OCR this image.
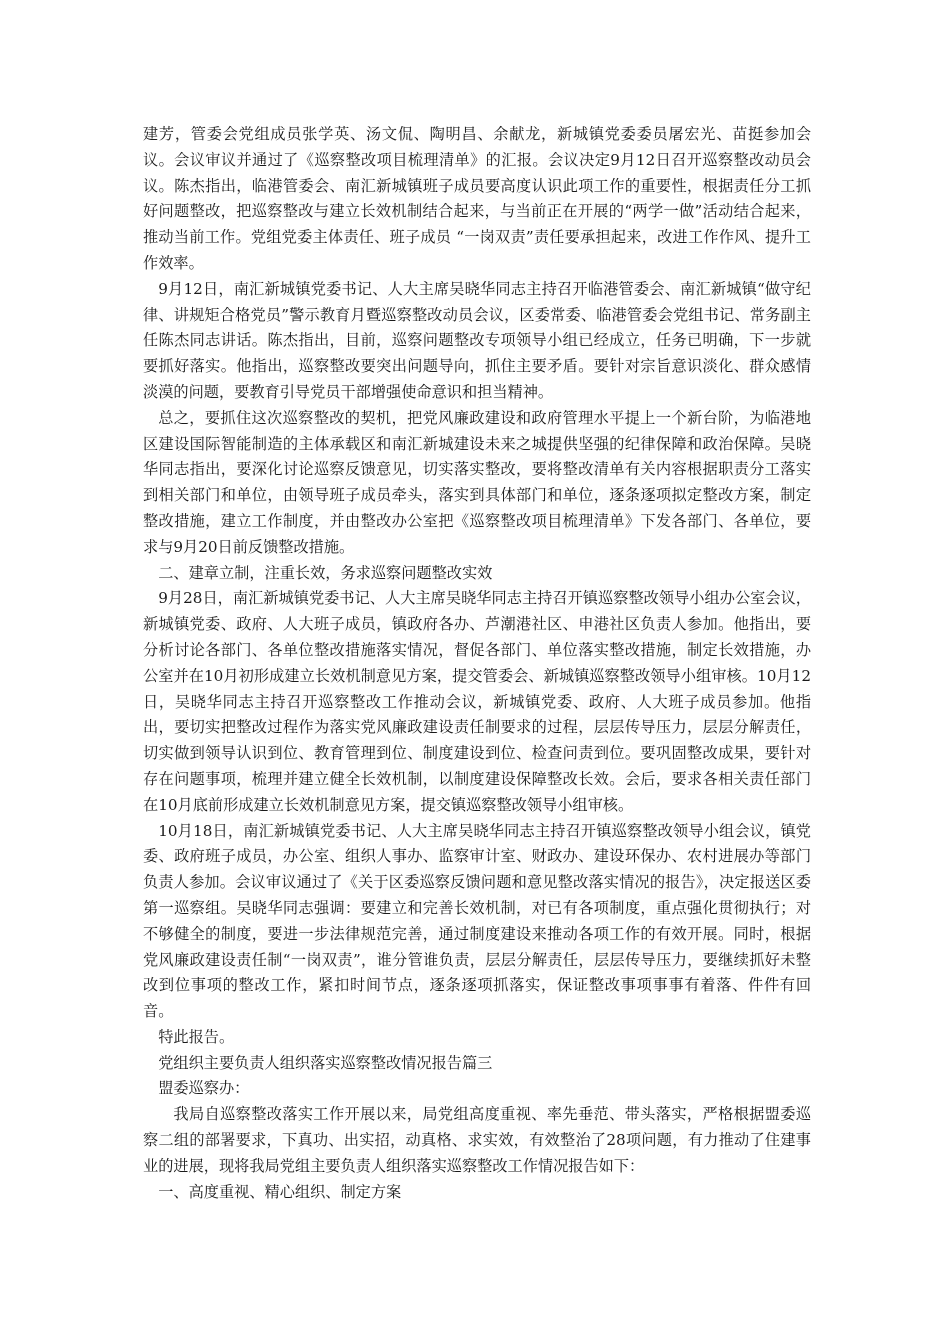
建芳，管委会党组成员张学英、汤文侃、陶明昌、余献龙，新城镇党委委员屠宏光、苗挺参加会议。会议审议并通过了《巡察整改项目梳理清单》的汇报。会议决定9月12日召开巡察整改动员会议。陈杰指出，临港管委会、南汇新城镇班子成员要高度认识此项工作的重要性，根据责任分工抓好问题整改，把巡察整改与建立长效机制结合起来，与当前正在开展的“两学一做”活动结合起来，推动当前工作。党组党委主体责任、班子成员 “一岗双责”责任要承担起来，改进工作作风、提升工作效率。

9月12日，南汇新城镇党委书记、人大主席吴晓华同志主持召开临港管委会、南汇新城镇“做守纪律、讲规矩合格党员”警示教育月暨巡察整改动员会议，区委常委、临港管委会党组书记、常务副主任陈杰同志讲话。陈杰指出，目前，巡察问题整改专项领导小组已经成立，任务已明确，下一步就要抓好落实。他指出，巡察整改要突出问题导向，抓住主要矛盾。要针对宗旨意识淡化、群众感情淡漠的问题，要教育引导党员干部增强使命意识和担当精神。

总之，要抓住这次巡察整改的契机，把党风廉政建设和政府管理水平提上一个新台阶，为临港地区建设国际智能制造的主体承载区和南汇新城建设未来之城提供坚强的纪律保障和政治保障。吴晓华同志指出，要深化讨论巡察反馈意见，切实落实整改，要将整改清单有关内容根据职责分工落实到相关部门和单位，由领导班子成员牵头，落实到具体部门和单位，逐条逐项拟定整改方案，制定整改措施，建立工作制度，并由整改办公室把《巡察整改项目梳理清单》下发各部门、各单位，要求与9月20日前反馈整改措施。

二、建章立制，注重长效，务求巡察问题整改实效

9月28日，南汇新城镇党委书记、人大主席吴晓华同志主持召开镇巡察整改领导小组办公室会议，新城镇党委、政府、人大班子成员，镇政府各办、芦潮港社区、申港社区负责人参加。他指出，要分析讨论各部门、各单位整改措施落实情况，督促各部门、单位落实整改措施，制定长效措施，办公室并在10月初形成建立长效机制意见方案，提交管委会、新城镇巡察整改领导小组审核。10月12日，吴晓华同志主持召开巡察整改工作推动会议，新城镇党委、政府、人大班子成员参加。他指出，要切实把整改过程作为落实党风廉政建设责任制要求的过程，层层传导压力，层层分解责任，切实做到领导认识到位、教育管理到位、制度建设到位、检查问责到位。要巩固整改成果，要针对存在问题事项，梳理并建立健全长效机制，以制度建设保障整改长效。会后，要求各相关责任部门在10月底前形成建立长效机制意见方案，提交镇巡察整改领导小组审核。

10月18日，南汇新城镇党委书记、人大主席吴晓华同志主持召开镇巡察整改领导小组会议，镇党委、政府班子成员，办公室、组织人事办、监察审计室、财政办、建设环保办、农村进展办等部门负责人参加。会议审议通过了《关于区委巡察反馈问题和意见整改落实情况的报告》，决定报送区委第一巡察组。吴晓华同志强调：要建立和完善长效机制，对已有各项制度，重点强化贯彻执行；对不够健全的制度，要进一步法律规范完善，通过制度建设来推动各项工作的有效开展。同时，根据党风廉政建设责任制“一岗双责”，谁分管谁负责，层层分解责任，层层传导压力，要继续抓好未整改到位事项的整改工作，紧扣时间节点，逐条逐项抓落实，保证整改事项事事有着落、件件有回音。

特此报告。

党组织主要负责人组织落实巡察整改情况报告篇三

盟委巡察办：

我局自巡察整改落实工作开展以来，局党组高度重视、率先垂范、带头落实，严格根据盟委巡察二组的部署要求，下真功、出实招，动真格、求实效，有效整治了28项问题，有力推动了住建事业的进展，现将我局党组主要负责人组织落实巡察整改工作情况报告如下：

一、高度重视、精心组织、制定方案
